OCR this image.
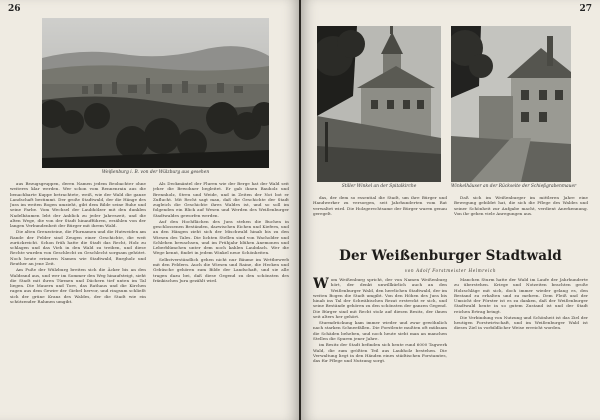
26
Weißenburg i. B. von der Wülzburg aus gesehen

aus Bezugsgruppen, deren Namen jedem Beobachter ohne weiteres klar werden. Wer schon vom Rennenrain aus die benachbarte Kuppe betrachtete, weiß, wie der Wald die ganze Landschaft bestimmt. Der große Stadtwald, der die Hänge des Jura im weiten Bogen umzieht, gibt dem Bilde seine Ruhe und seine Farbe. Vom Wechsel der Laubhölzer mit den dunklen Nadelbäumen lebt der Anblick zu jeder Jahreszeit, und die alten Wege, die von der Stadt hinaufführen, erzählen von der langen Verbundenheit der Bürger mit ihrem Wald.

Die alten Grenzsteine, die Flurnamen und die Hutweiden am Rande der Felder sind Zeugen einer Geschichte, die weit zurückreicht. Schon früh hatte die Stadt das Recht, Holz zu schlagen und das Vieh in den Wald zu treiben, und diese Rechte wurden von Geschlecht zu Geschlecht sorgsam gehütet. Noch heute erinnern Namen wie Stadtwald, Burgholz und Reuther an jene Zeit.

Am Fuße der Wülzburg breiten sich die Äcker bis an den Waldrand aus, und wer im Sommer den Weg hinaufsteigt, sieht die Stadt mit ihren Türmen und Dächern tief unten im Tal liegen. Die Mauern und Tore, das Rathaus und die Kirchen ragen aus dem Gewirr der Giebel hervor, und ringsum schließt sich der grüne Kranz des Waldes, der die Stadt wie ein schützender Rahmen umgibt.

Als Deckmäntel der Fluren wie der Berge hat der Wald seit jeher die Bewohner begleitet. Er gab ihnen Bauholz und Brennholz, Streu und Weide, und in Zeiten der Not bot er Zuflucht. Mit Recht sagt man, daß die Geschichte der Stadt zugleich die Geschichte ihres Waldes ist, und so soll im folgenden ein Blick auf Wesen und Werden des Weißenburger Stadtwaldes geworfen werden.

Auf den Hochflächen des Jura stehen die Buchen in geschlossenen Beständen, dazwischen Eichen und Kiefern, und an den Hängen zieht sich der Mischwald hinab bis zu den Wiesen des Tales. Die lichten Stellen sind von Wacholder und Schlehen bewachsen, und im Frühjahr blühen Anemonen und Leberblümchen unter dem noch kahlen Laubdach. Wer die Wege kennt, findet in jedem Winkel neue Schönheiten.

Selbstverständlich gehen nicht nur Bäume im Wettbewerb mit den Feldern. Auch die Wiesen und Raine, die Hecken und Gebüsche gehören zum Bilde der Landschaft, und sie alle tragen dazu bei, daß diese Gegend zu den schönsten des fränkischen Jura gezählt wird.

27
Stiller Winkel an der Spitalkirche	Winkelhäuser an der Rückseite der Schießgrabenmauer

das, der dem so essential die Stadt, um ihre Bürger und Handwerker zu versorgen, seit Jahrhunderten vom Rat verwaltet wird. Die Holzgerechtsame der Bürger waren genau geregelt.

Daß sich im Weißenburger im mittleren Jahre eine Bewegung gebildet hat, die sich die Pflege des Waldes und seiner Schönheit zur Aufgabe macht, verdient Anerkennung. Von ihr gehen viele Anregungen aus.

Der Weißenburger Stadtwald
von Adolf Forstmeister Helmreich

Wom Weißenburg spricht, der von Namen Weißenburg hört, der denkt unwillkürlich auch an den Weißenburger Wald, den herrlichen Stadtwald, der im weiten Bogen die Stadt umgibt. Von den Höhen des Jura bis hinab ins Tal der Schwäbischen Rezat erstreckt er sich, und seine Bestände gehören zu den schönsten der ganzen Gegend. Die Bürger sind mit Recht stolz auf diesen Besitz, der ihnen seit alters her gehört.

Sturmdrückung kam immer wieder und zwar gewöhnlich nach starken Schneefällen. Die Forstleute mußten oft mühsam die Schäden beheben, und noch heute sieht man an manchen Stellen die Spuren jener Jahre.

im Besitz der Stadt befinden sich heute rund 6000 Tagwerk Wald, die zum größten Teil aus Laubholz bestehen. Die Verwaltung liegt in den Händen eines städtischen Forstamtes, das für Pflege und Nutzung sorgt.

Manchen Sturm hatte der Wald im Laufe der Jahrhunderte zu überstehen. Kriege und Notzeiten brachten große Holzschläge mit sich, doch immer wieder gelang es, den Bestand zu erhalten und zu mehren. Dem Fleiß und der Umsicht der Förster ist es zu danken, daß der Weißenburger Stadtwald heute in so gutem Zustand ist und der Stadt reichen Ertrag bringt.

Die Verbindung von Nutzung und Schönheit ist das Ziel der heutigen Forstwirtschaft, und im Weißenburger Wald ist dieses Ziel in vorbildlicher Weise erreicht worden.
